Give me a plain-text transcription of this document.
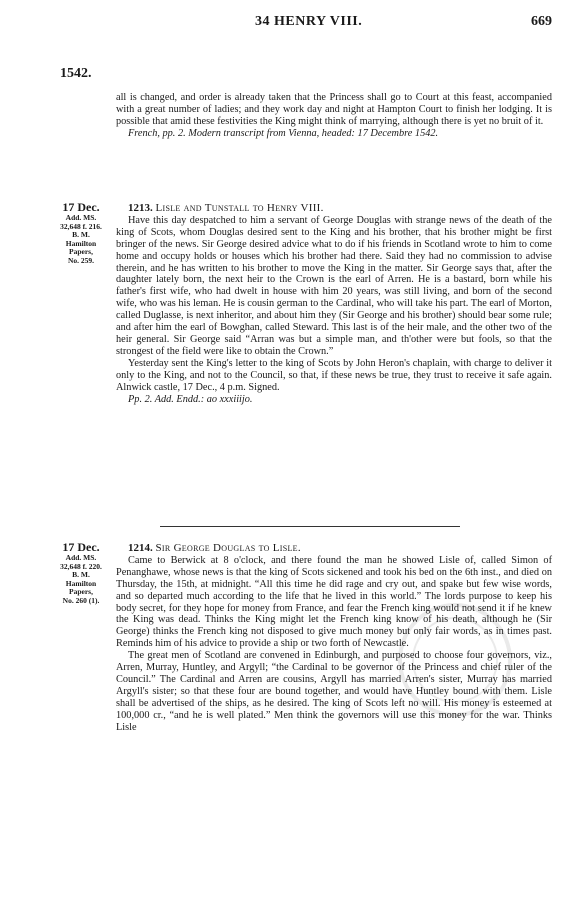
34 HENRY VIII.	669
1542.

all is changed, and order is already taken that the Princess shall go to Court at this feast, accompanied with a great number of ladies; and they work day and night at Hampton Court to finish her lodging. It is possible that amid these festivities the King might think of marrying, although there is yet no bruit of it.

French, pp. 2. Modern transcript from Vienna, headed: 17 Decembre 1542.

17 Dec.
Add. MS.
32,648 f. 216.
B. M.
Hamilton
Papers,
No. 259.

1213. Lisle and Tunstall to Henry VIII.

Have this day despatched to him a servant of George Douglas with strange news of the death of the king of Scots, whom Douglas desired sent to the King and his brother, that his brother might be first bringer of the news. Sir George desired advice what to do if his friends in Scotland wrote to him to come home and occupy holds or houses which his brother had there. Said they had no commission to advise therein, and he has written to his brother to move the King in the matter. Sir George says that, after the daughter lately born, the next heir to the Crown is the earl of Arren. He is a bastard, born while his father's first wife, who had dwelt in house with him 20 years, was still living, and born of the second wife, who was his leman. He is cousin german to the Cardinal, who will take his part. The earl of Morton, called Duglasse, is next inheritor, and about him they (Sir George and his brother) should bear some rule; and after him the earl of Bowghan, called Steward. This last is of the heir male, and the other two of the heir general. Sir George said “Arran was but a simple man, and th'other were but fools, so that the strongest of the field were like to obtain the Crown.”

Yesterday sent the King's letter to the king of Scots by John Heron's chaplain, with charge to deliver it only to the King, and not to the Council, so that, if these news be true, they trust to receive it safe again. Alnwick castle, 17 Dec., 4 p.m. Signed.

Pp. 2. Add. Endd.: ao xxxiiijo.

17 Dec.
Add. MS.
32,648 f. 220.
B. M.
Hamilton
Papers,
No. 260 (1).

1214. Sir George Douglas to Lisle.

Came to Berwick at 8 o'clock, and there found the man he showed Lisle of, called Simon of Penanghawe, whose news is that the king of Scots sickened and took his bed on the 6th inst., and died on Thursday, the 15th, at midnight. “All this time he did rage and cry out, and spake but few wise words, and so departed much according to the life that he lived in this world.” The lords purpose to keep his body secret, for they hope for money from France, and fear the French king would not send it if he knew the King was dead. Thinks the King might let the French king know of his death, although he (Sir George) thinks the French king not disposed to give much money but only fair words, as in times past. Reminds him of his advice to provide a ship or two forth of Newcastle.

The great men of Scotland are convened in Edinburgh, and purposed to choose four governors, viz., Arren, Murray, Huntley, and Argyll; “the Cardinal to be governor of the Princess and chief ruler of the Council.” The Cardinal and Arren are cousins, Argyll has married Arren's sister, Murray has married Argyll's sister; so that these four are bound together, and would have Huntley bound with them. Lisle shall be advertised of the ships, as he desired. The king of Scots left no will. His money is esteemed at 100,000 cr., “and he is well plated.” Men think the governors will use this money for the war. Thinks Lisle
